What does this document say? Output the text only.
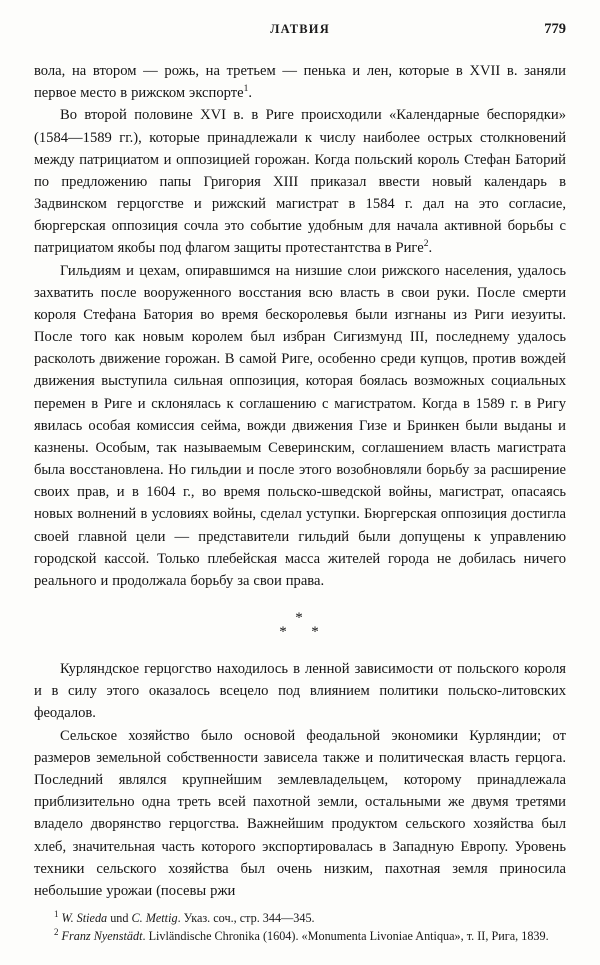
ЛАТВИЯ	779

вола, на втором — рожь, на третьем — пенька и лен, которые в XVII в. заняли первое место в рижском экспорте$^1$.

Во второй половине XVI в. в Риге происходили «Календарные беспорядки» (1584—1589 гг.), которые принадлежали к числу наиболее острых столкновений между патрициатом и оппозицией горожан. Когда польский король Стефан Баторий по предложению папы Григория XIII приказал ввести новый календарь в Задвинском герцогстве и рижский магистрат в 1584 г. дал на это согласие, бюргерская оппозиция сочла это событие удобным для начала активной борьбы с патрициатом якобы под флагом защиты протестантства в Риге$^2$.

Гильдиям и цехам, опиравшимся на низшие слои рижского населения, удалось захватить после вооруженного восстания всю власть в свои руки. После смерти короля Стефана Батория во время бескоролевья были изгнаны из Риги иезуиты. После того как новым королем был избран Сигизмунд III, последнему удалось расколоть движение горожан. В самой Риге, особенно среди купцов, против вождей движения выступила сильная оппозиция, которая боялась возможных социальных перемен в Риге и склонялась к соглашению с магистратом. Когда в 1589 г. в Ригу явилась особая комиссия сейма, вожди движения Гизе и Бринкен были выданы и казнены. Особым, так называемым Северинским, соглашением власть магистрата была восстановлена. Но гильдии и после этого возобновляли борьбу за расширение своих прав, и в 1604 г., во время польско-шведской войны, магистрат, опасаясь новых волнений в условиях войны, сделал уступки. Бюргерская оппозиция достигла своей главной цели — представители гильдий были допущены к управлению городской кассой. Только плебейская масса жителей города не добилась ничего реального и продолжала борьбу за свои права.

*
* *

Курляндское герцогство находилось в ленной зависимости от польского короля и в силу этого оказалось всецело под влиянием политики польско-литовских феодалов.

Сельское хозяйство было основой феодальной экономики Курляндии; от размеров земельной собственности зависела также и политическая власть герцога. Последний являлся крупнейшим землевладельцем, которому принадлежала приблизительно одна треть всей пахотной земли, остальными же двумя третями владело дворянство герцогства. Важнейшим продуктом сельского хозяйства был хлеб, значительная часть которого экспортировалась в Западную Европу. Уровень техники сельского хозяйства был очень низким, пахотная земля приносила небольшие урожаи (посевы ржи

$^1$ W. Stieda und C. Mettig. Указ. соч., стр. 344—345.
$^2$ Franz Nyenstädt. Livländische Chronika (1604). «Monumenta Livoniae Antiqua», т. II, Рига, 1839.
